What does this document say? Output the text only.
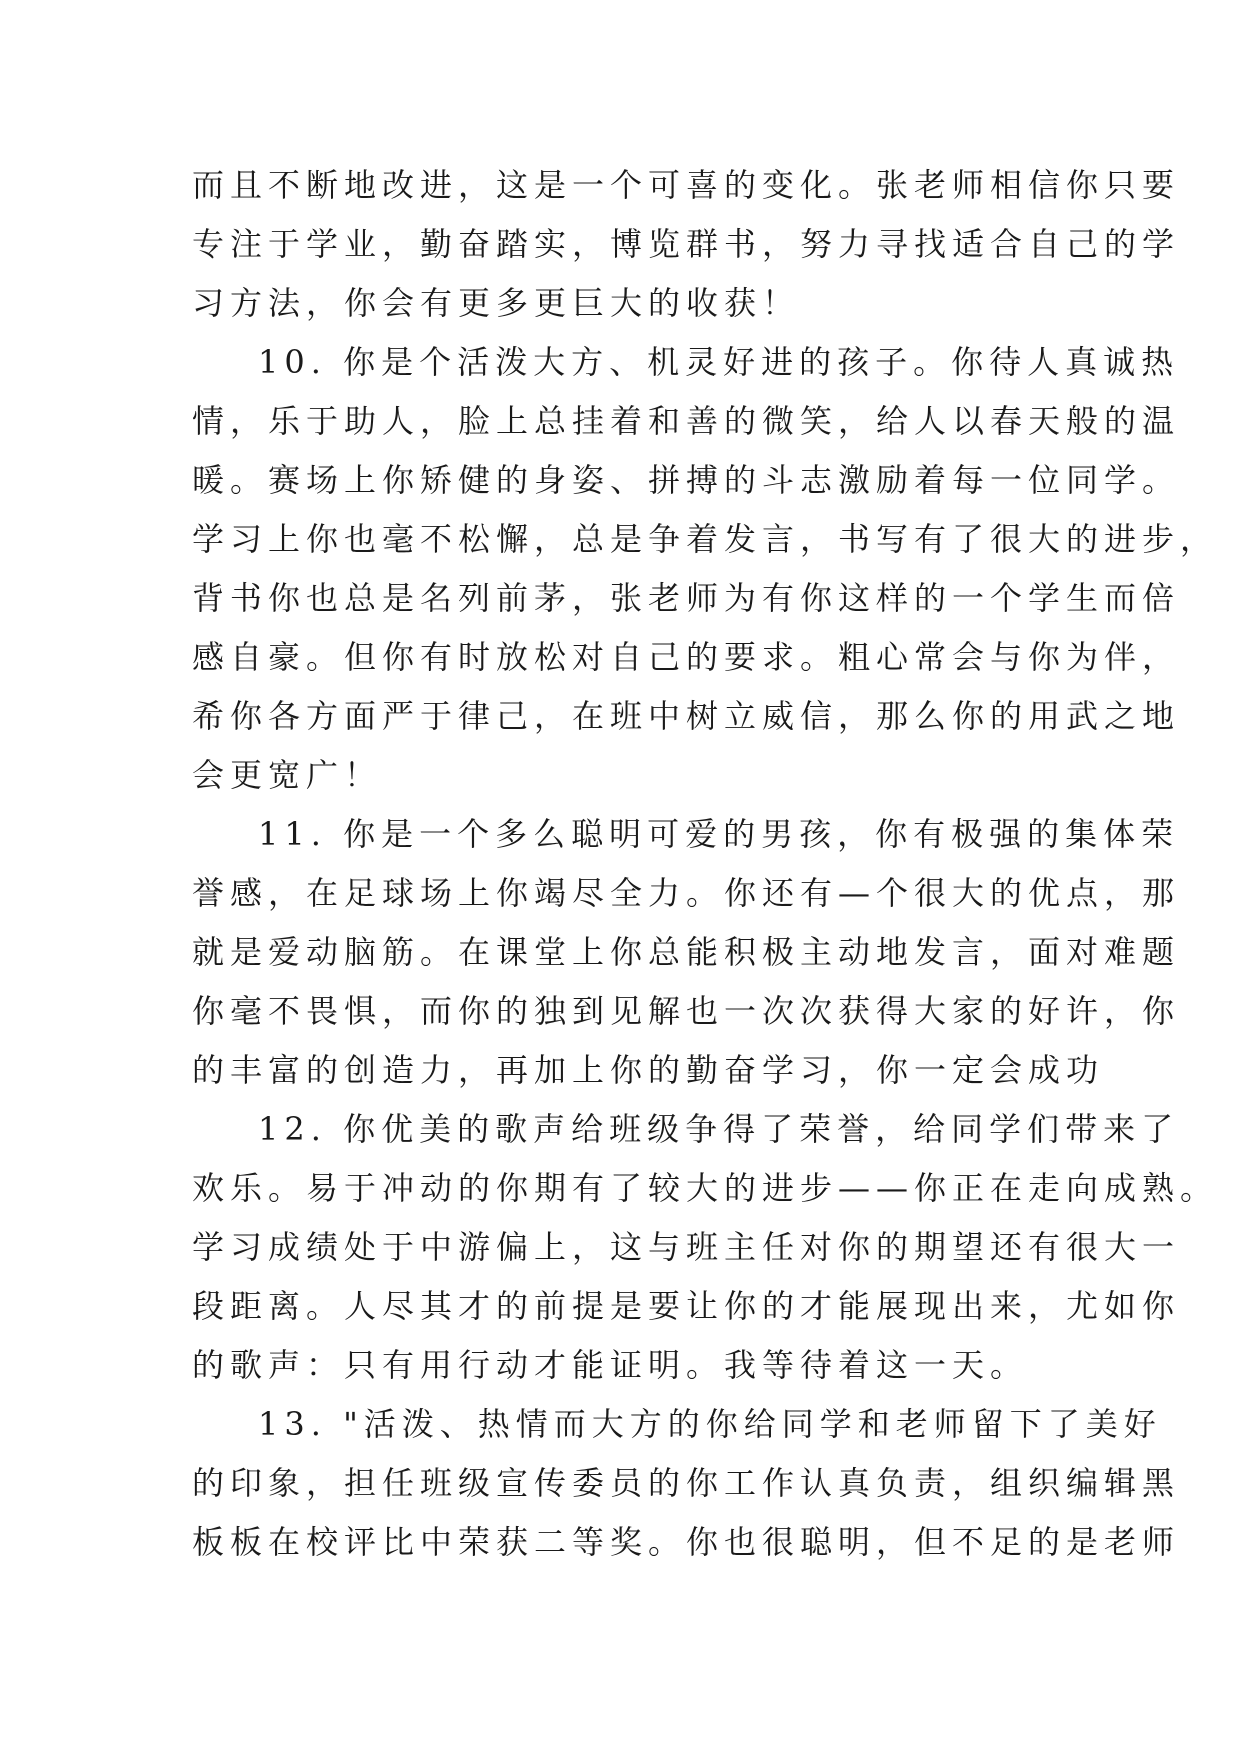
而且不断地改进，这是一个可喜的变化。张老师相信你只要
专注于学业，勤奋踏实，博览群书，努力寻找适合自己的学
习方法，你会有更多更巨大的收获！
10. 你是个活泼大方、机灵好进的孩子。你待人真诚热
情，乐于助人，脸上总挂着和善的微笑，给人以春天般的温
暖。赛场上你矫健的身姿、拼搏的斗志激励着每一位同学。
学习上你也毫不松懈，总是争着发言，书写有了很大的进步，
背书你也总是名列前茅，张老师为有你这样的一个学生而倍
感自豪。但你有时放松对自己的要求。粗心常会与你为伴，
希你各方面严于律己，在班中树立威信，那么你的用武之地
会更宽广！
11. 你是一个多么聪明可爱的男孩，你有极强的集体荣
誉感，在足球场上你竭尽全力。你还有—个很大的优点，那
就是爱动脑筋。在课堂上你总能积极主动地发言，面对难题
你毫不畏惧，而你的独到见解也一次次获得大家的好许，你
的丰富的创造力，再加上你的勤奋学习，你一定会成功
12. 你优美的歌声给班级争得了荣誉，给同学们带来了
欢乐。易于冲动的你期有了较大的进步——你正在走向成熟。
学习成绩处于中游偏上，这与班主任对你的期望还有很大一
段距离。人尽其才的前提是要让你的才能展现出来，尤如你
的歌声：只有用行动才能证明。我等待着这一天。
13. "活泼、热情而大方的你给同学和老师留下了美好
的印象，担任班级宣传委员的你工作认真负责，组织编辑黑
板板在校评比中荣获二等奖。你也很聪明，但不足的是老师
